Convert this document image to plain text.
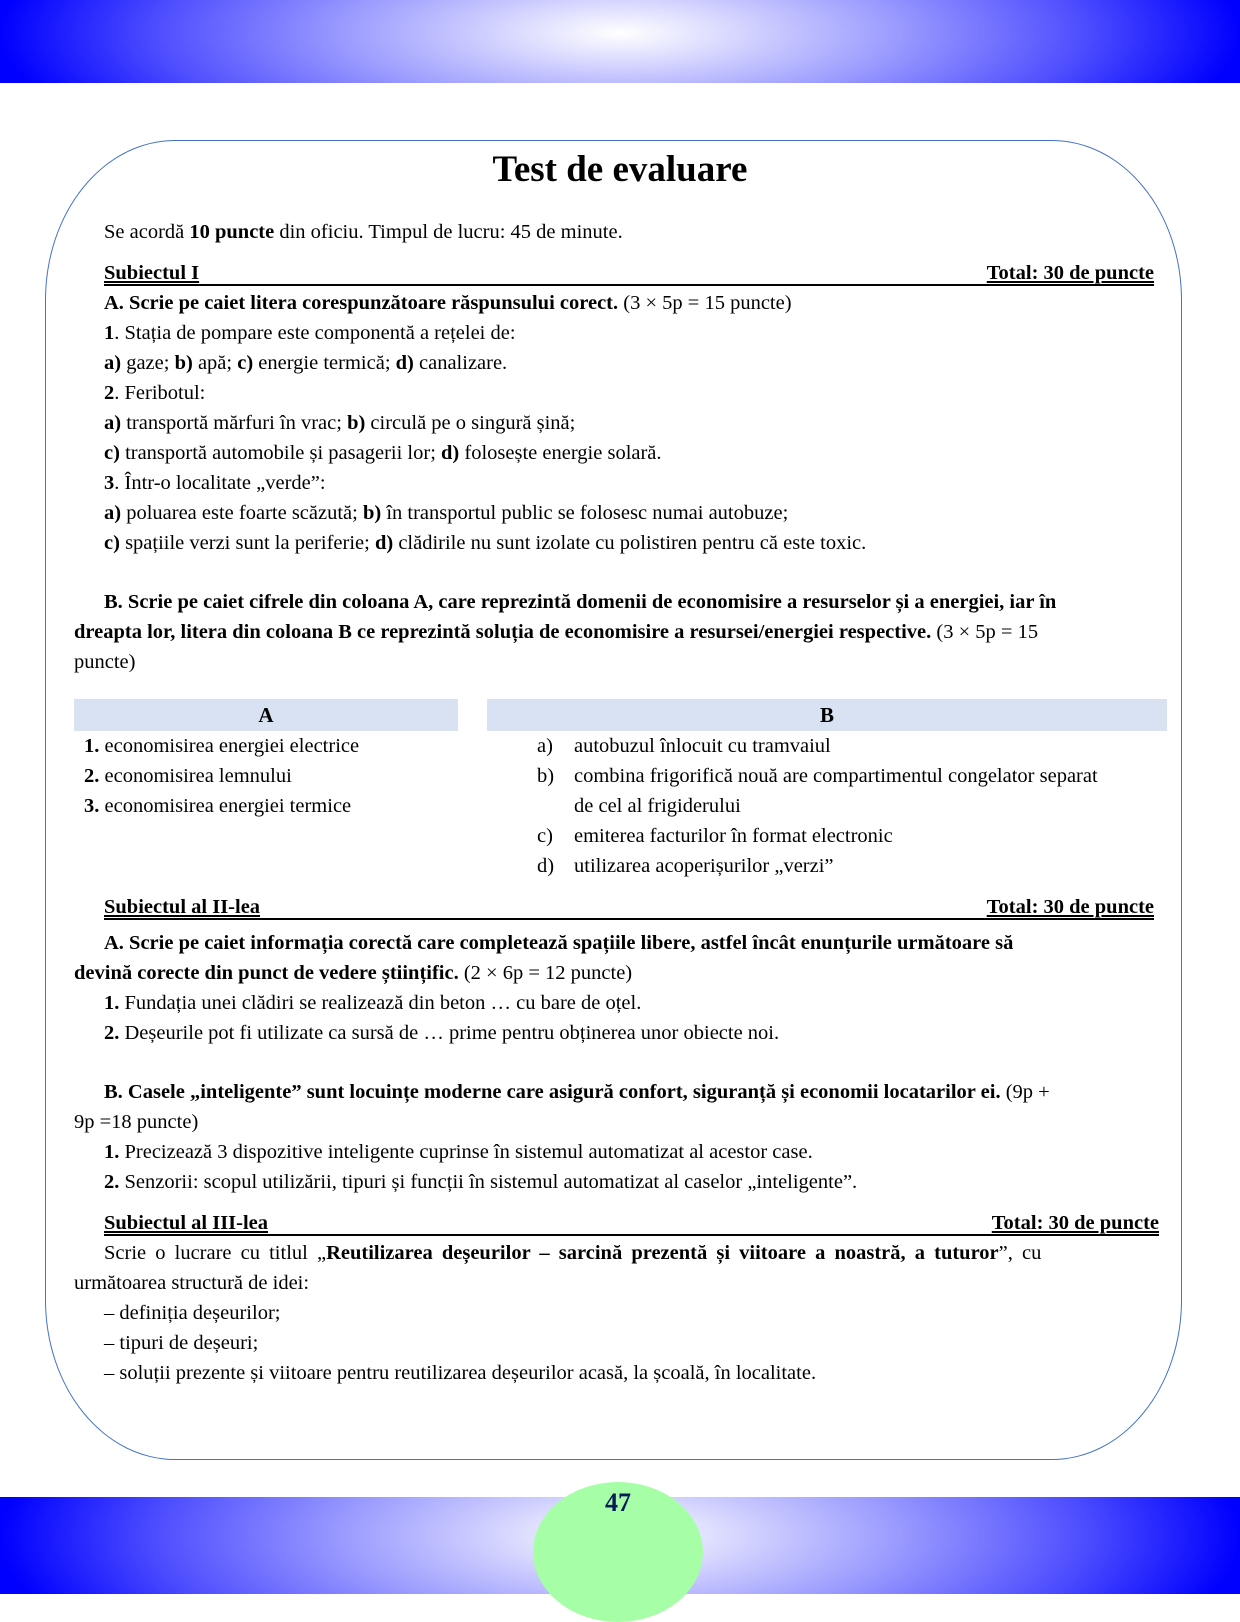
Test de evaluare
Se acordă 10 puncte din oficiu. Timpul de lucru: 45 de minute.
Subiectul I	Total: 30 de puncte
A. Scrie pe caiet litera corespunzătoare răspunsului corect. (3 × 5p = 15 puncte)
1. Stația de pompare este componentă a rețelei de:
a) gaze; b) apă; c) energie termică; d) canalizare.
2. Feribotul:
a) transportă mărfuri în vrac; b) circulă pe o singură șină;
c) transportă automobile și pasagerii lor; d) folosește energie solară.
3. Într-o localitate „verde”:
a) poluarea este foarte scăzută; b) în transportul public se folosesc numai autobuze;
c) spațiile verzi sunt la periferie; d) clădirile nu sunt izolate cu polistiren pentru că este toxic.
B. Scrie pe caiet cifrele din coloana A, care reprezintă domenii de economisire a resurselor și a energiei, iar în
dreapta lor, litera din coloana B ce reprezintă soluția de economisire a resursei/energiei respective. (3 × 5p = 15
puncte)
A	B
1. economisirea energiei electrice
2. economisirea lemnului
3. economisirea energiei termice
a) autobuzul înlocuit cu tramvaiul
b) combina frigorifică nouă are compartimentul congelator separat
de cel al frigiderului
c) emiterea facturilor în format electronic
d) utilizarea acoperișurilor „verzi”
Subiectul al II-lea	Total: 30 de puncte
A. Scrie pe caiet informația corectă care completează spațiile libere, astfel încât enunțurile următoare să
devină corecte din punct de vedere științific. (2 × 6p = 12 puncte)
1. Fundația unei clădiri se realizează din beton … cu bare de oțel.
2. Deșeurile pot fi utilizate ca sursă de … prime pentru obținerea unor obiecte noi.
B. Casele „inteligente” sunt locuințe moderne care asigură confort, siguranță și economii locatarilor ei. (9p +
9p =18 puncte)
1. Precizează 3 dispozitive inteligente cuprinse în sistemul automatizat al acestor case.
2. Senzorii: scopul utilizării, tipuri și funcții în sistemul automatizat al caselor „inteligente”.
Subiectul al III-lea	Total: 30 de puncte
Scrie o lucrare cu titlul „Reutilizarea deșeurilor – sarcină prezentă și viitoare a noastră, a tuturor”, cu
următoarea structură de idei:
– definiția deșeurilor;
– tipuri de deșeuri;
– soluții prezente și viitoare pentru reutilizarea deșeurilor acasă, la școală, în localitate.
47
